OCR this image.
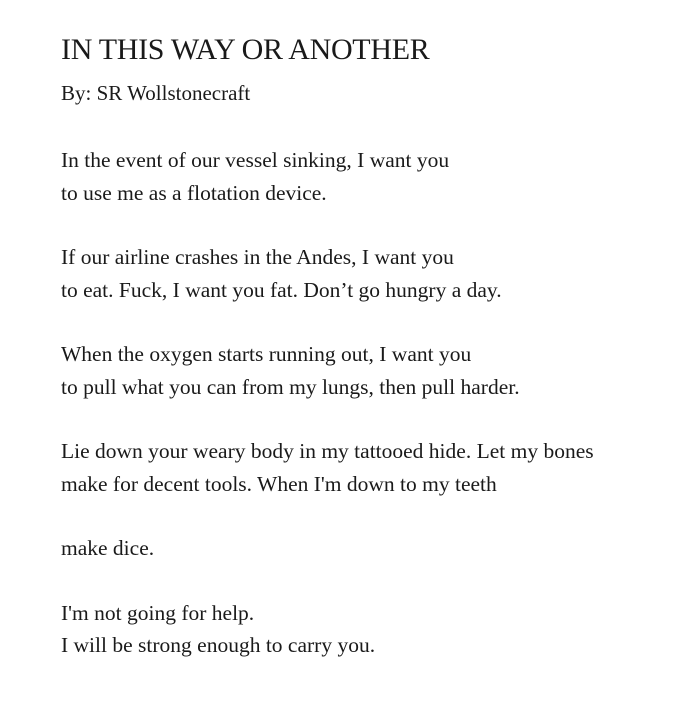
IN THIS WAY OR ANOTHER

By: SR Wollstonecraft

In the event of our vessel sinking, I want you
to use me as a flotation device.

If our airline crashes in the Andes, I want you
to eat. Fuck, I want you fat. Don’t go hungry a day.

When the oxygen starts running out, I want you
to pull what you can from my lungs, then pull harder.

Lie down your weary body in my tattooed hide. Let my bones
make for decent tools. When I'm down to my teeth

make dice.

I'm not going for help.
I will be strong enough to carry you.
